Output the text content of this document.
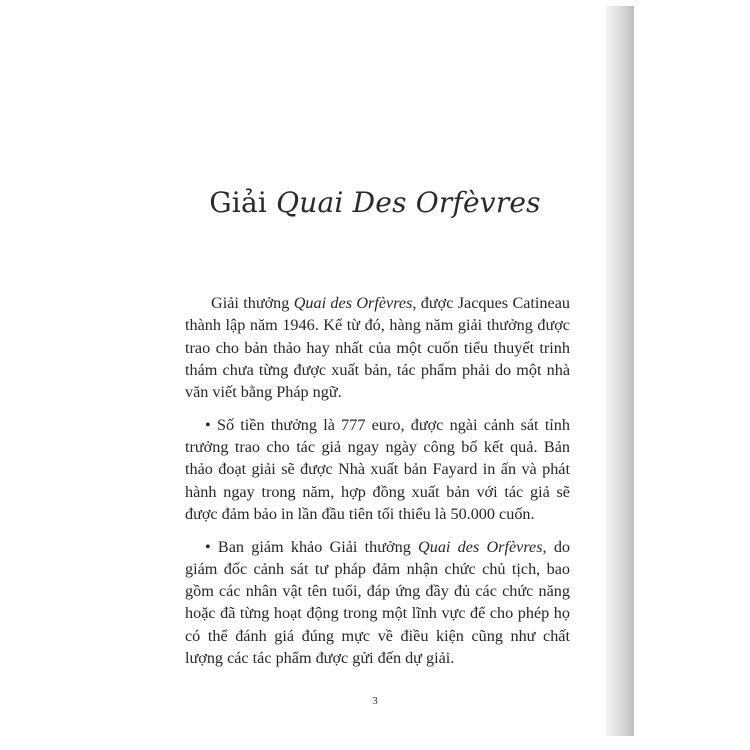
Giải Quai Des Orfèvres

Giải thưởng Quai des Orfèvres, được Jacques Catineau thành lập năm 1946. Kể từ đó, hàng năm giải thưởng được trao cho bản thảo hay nhất của một cuốn tiểu thuyết trinh thám chưa từng được xuất bản, tác phẩm phải do một nhà văn viết bằng Pháp ngữ.

• Số tiền thưởng là 777 euro, được ngài cảnh sát tỉnh trưởng trao cho tác giả ngay ngày công bố kết quả. Bản thảo đoạt giải sẽ được Nhà xuất bản Fayard in ấn và phát hành ngay trong năm, hợp đồng xuất bản với tác giả sẽ được đảm bảo in lần đầu tiên tối thiểu là 50.000 cuốn.

• Ban giám khảo Giải thưởng Quai des Orfèvres, do giám đốc cảnh sát tư pháp đảm nhận chức chủ tịch, bao gồm các nhân vật tên tuổi, đáp ứng đầy đủ các chức năng hoặc đã từng hoạt động trong một lĩnh vực để cho phép họ có thể đánh giá đúng mực về điều kiện cũng như chất lượng các tác phẩm được gửi đến dự giải.

3
